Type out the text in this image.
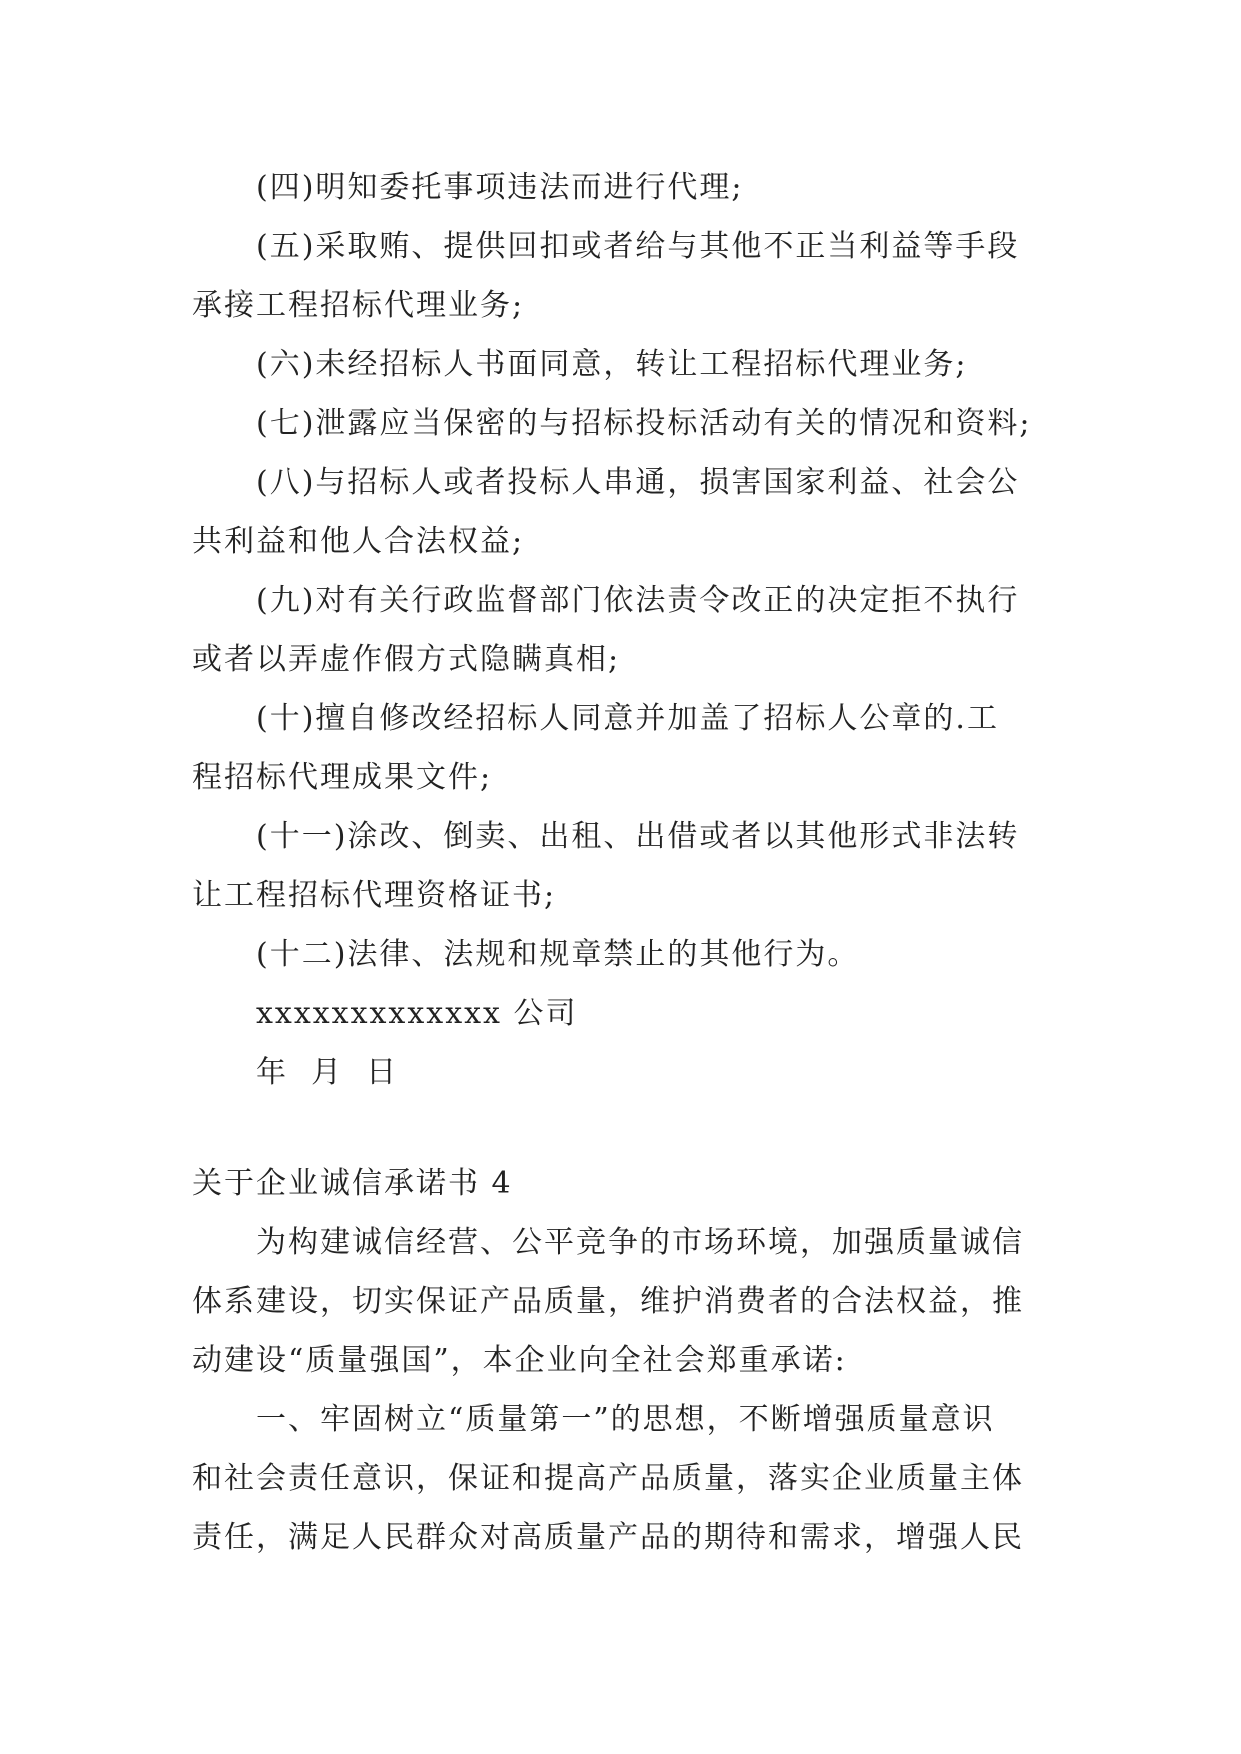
(四)明知委托事项违法而进行代理;
(五)采取贿、提供回扣或者给与其他不正当利益等手段
承接工程招标代理业务;
(六)未经招标人书面同意，转让工程招标代理业务;
(七)泄露应当保密的与招标投标活动有关的情况和资料;
(八)与招标人或者投标人串通，损害国家利益、社会公
共利益和他人合法权益;
(九)对有关行政监督部门依法责令改正的决定拒不执行
或者以弄虚作假方式隐瞒真相;
(十)擅自修改经招标人同意并加盖了招标人公章的.工
程招标代理成果文件;
(十一)涂改、倒卖、出租、出借或者以其他形式非法转
让工程招标代理资格证书;
(十二)法律、法规和规章禁止的其他行为。
xxxxxxxxxxxxx 公司
年  月  日
关于企业诚信承诺书 4
为构建诚信经营、公平竞争的市场环境，加强质量诚信
体系建设，切实保证产品质量，维护消费者的合法权益，推
动建设“质量强国”，本企业向全社会郑重承诺:
一、牢固树立“质量第一”的思想，不断增强质量意识
和社会责任意识，保证和提高产品质量，落实企业质量主体
责任，满足人民群众对高质量产品的期待和需求，增强人民
